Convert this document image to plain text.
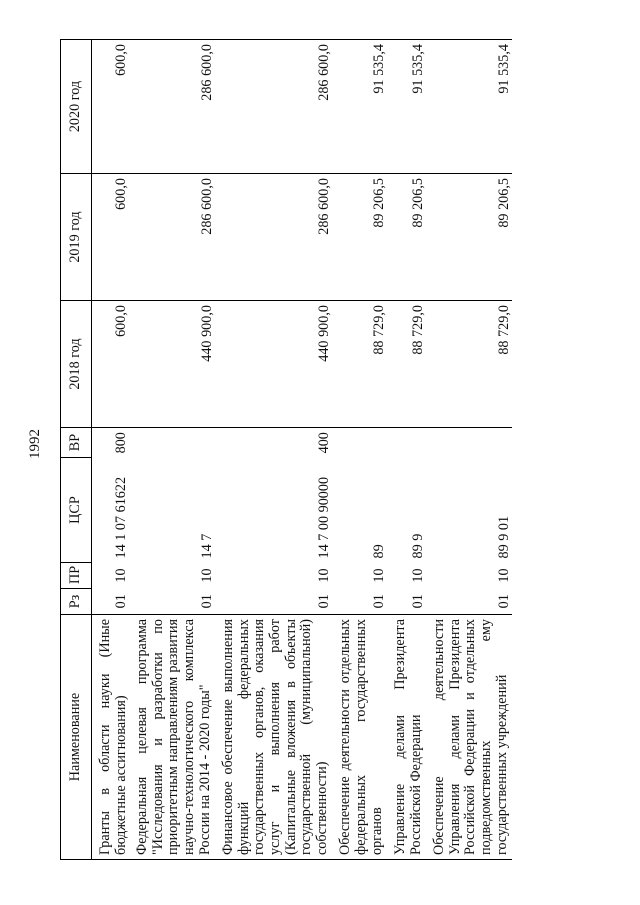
1992
Наименование	Рз	ПР	ЦСР	ВР	2018 год	2019 год	2020 год
Гранты в области науки (Иные бюджетные ассигнования)	01	10	14 1 07 61622	800	600,0	600,0	600,0
Федеральная целевая программа "Исследования и разработки по приоритетным направлениям развития научно-технологического комплекса России на 2014 - 2020 годы"	01	10	14 7		440 900,0	286 600,0	286 600,0
Финансовое обеспечение выполнения функций федеральных государственных органов, оказания услуг и выполнения работ (Капитальные вложения в объекты государственной (муниципальной) собственности)	01	10	14 7 00 90000	400	440 900,0	286 600,0	286 600,0
Обеспечение деятельности отдельных федеральных государственных органов	01	10	89		88 729,0	89 206,5	91 535,4
Управление делами Президента Российской Федерации	01	10	89 9		88 729,0	89 206,5	91 535,4
Обеспечение деятельности Управления делами Президента Российской Федерации и отдельных подведомственных ему государственных учреждений	01	10	89 9 01		88 729,0	89 206,5	91 535,4
